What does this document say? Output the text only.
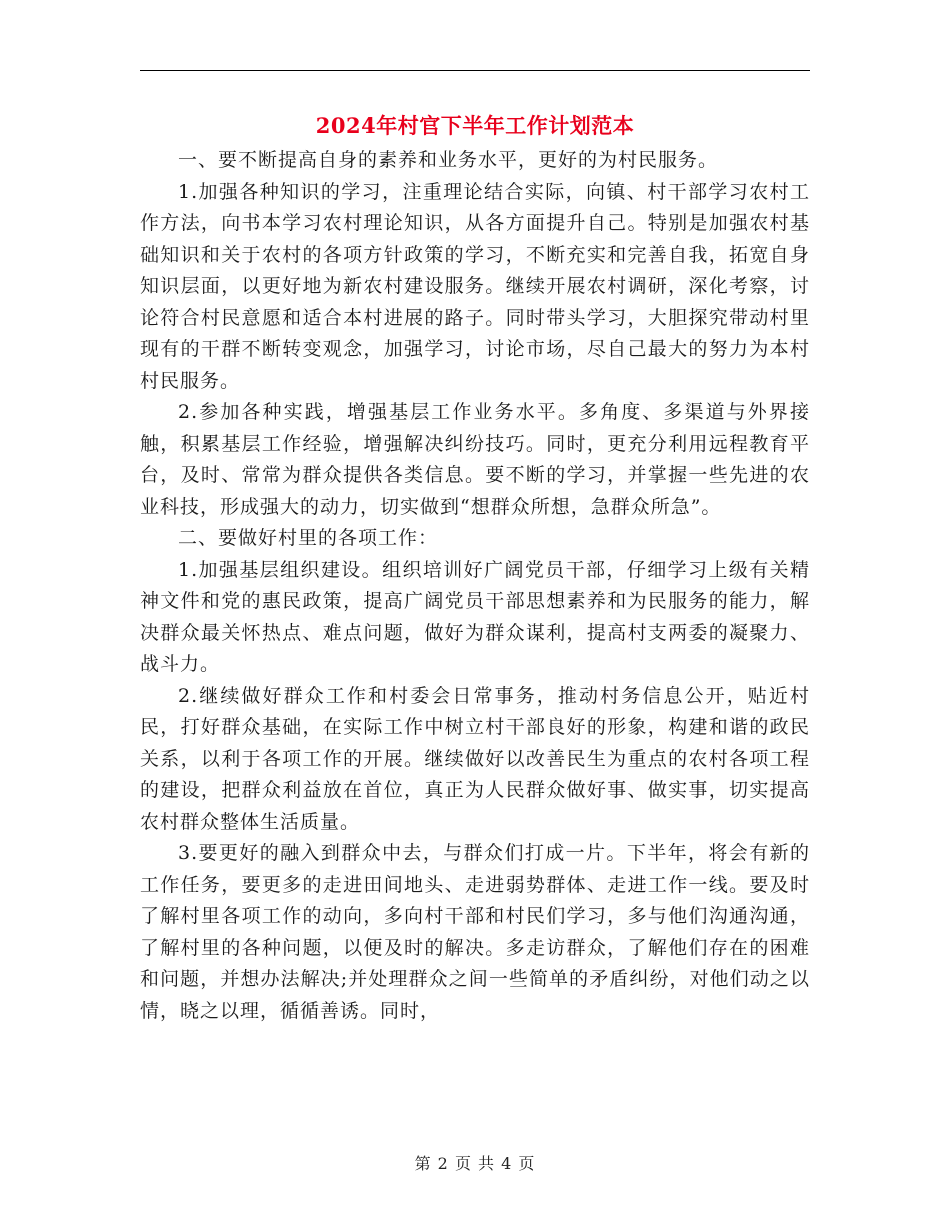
2024年村官下半年工作计划范本

一、要不断提高自身的素养和业务水平，更好的为村民服务。

1.加强各种知识的学习，注重理论结合实际，向镇、村干部学习农村工作方法，向书本学习农村理论知识，从各方面提升自己。特别是加强农村基础知识和关于农村的各项方针政策的学习，不断充实和完善自我，拓宽自身知识层面，以更好地为新农村建设服务。继续开展农村调研，深化考察，讨论符合村民意愿和适合本村进展的路子。同时带头学习，大胆探究带动村里现有的干群不断转变观念，加强学习，讨论市场，尽自己最大的努力为本村村民服务。

2.参加各种实践，增强基层工作业务水平。多角度、多渠道与外界接触，积累基层工作经验，增强解决纠纷技巧。同时，更充分利用远程教育平台，及时、常常为群众提供各类信息。要不断的学习，并掌握一些先进的农业科技，形成强大的动力，切实做到“想群众所想，急群众所急”。

二、要做好村里的各项工作：

1.加强基层组织建设。组织培训好广阔党员干部，仔细学习上级有关精神文件和党的惠民政策，提高广阔党员干部思想素养和为民服务的能力，解决群众最关怀热点、难点问题，做好为群众谋利，提高村支两委的凝聚力、战斗力。

2.继续做好群众工作和村委会日常事务，推动村务信息公开，贴近村民，打好群众基础，在实际工作中树立村干部良好的形象，构建和谐的政民关系，以利于各项工作的开展。继续做好以改善民生为重点的农村各项工程的建设，把群众利益放在首位，真正为人民群众做好事、做实事，切实提高农村群众整体生活质量。

3.要更好的融入到群众中去，与群众们打成一片。下半年，将会有新的工作任务，要更多的走进田间地头、走进弱势群体、走进工作一线。要及时了解村里各项工作的动向，多向村干部和村民们学习，多与他们沟通沟通，了解村里的各种问题，以便及时的解决。多走访群众，了解他们存在的困难和问题，并想办法解决;并处理群众之间一些简单的矛盾纠纷，对他们动之以情，晓之以理，循循善诱。同时，

第 2 页 共 4 页
